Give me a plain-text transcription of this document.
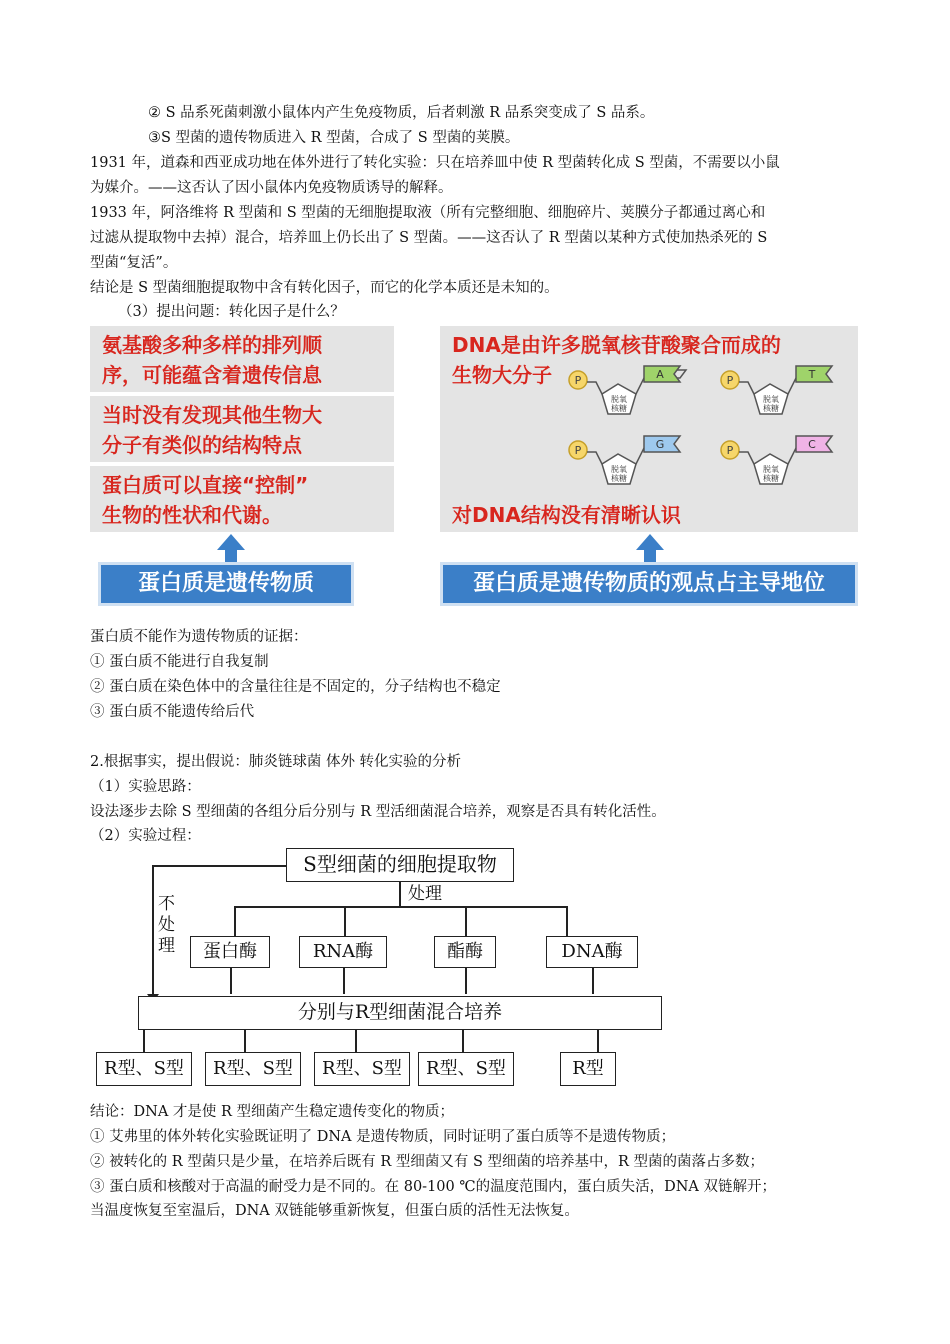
② S 品系死菌刺激小鼠体内产生免疫物质，后者刺激 R 品系突变成了 S 品系。
③S 型菌的遗传物质进入 R 型菌，合成了 S 型菌的荚膜。
1931 年，道森和西亚成功地在体外进行了转化实验：只在培养皿中使 R 型菌转化成 S 型菌，不需要以小鼠
为媒介。——这否认了因小鼠体内免疫物质诱导的解释。
1933 年，阿洛维将 R 型菌和 S 型菌的无细胞提取液（所有完整细胞、细胞碎片、荚膜分子都通过离心和
过滤从提取物中去掉）混合，培养皿上仍长出了 S 型菌。——这否认了 R 型菌以某种方式使加热杀死的 S
型菌“复活”。
结论是 S 型菌细胞提取物中含有转化因子，而它的化学本质还是未知的。
（3）提出问题：转化因子是什么？
氨基酸多种多样的排列顺
序，可能蕴含着遗传信息
当时没有发现其他生物大
分子有类似的结构特点
蛋白质可以直接“控制”
生物的性状和代谢。
蛋白质是遗传物质
DNA是由许多脱氧核苷酸聚合而成的
生物大分子	P
脱氧
核糖
A	P
脱氧
核糖
T
P
脱氧
核糖
G	P
脱氧
核糖
C
对DNA结构没有清晰认识
蛋白质是遗传物质的观点占主导地位
蛋白质不能作为遗传物质的证据：
① 蛋白质不能进行自我复制
② 蛋白质在染色体中的含量往往是不固定的，分子结构也不稳定
③ 蛋白质不能遗传给后代
2.根据事实，提出假说：肺炎链球菌 体外 转化实验的分析
（1）实验思路：
设法逐步去除 S 型细菌的各组分后分别与 R 型活细菌混合培养，观察是否具有转化活性。
（2）实验过程：
S型细菌的细胞提取物
处理
不
处
理	蛋白酶	RNA酶	酯酶	DNA酶
分别与R型细菌混合培养
R型、S型	R型、S型	R型、S型	R型、S型	R型
结论：DNA 才是使 R 型细菌产生稳定遗传变化的物质；
① 艾弗里的体外转化实验既证明了 DNA 是遗传物质，同时证明了蛋白质等不是遗传物质；
② 被转化的 R 型菌只是少量，在培养后既有 R 型细菌又有 S 型细菌的培养基中，R 型菌的菌落占多数；
③ 蛋白质和核酸对于高温的耐受力是不同的。在 80-100 ℃的温度范围内，蛋白质失活，DNA 双链解开；
当温度恢复至室温后，DNA 双链能够重新恢复，但蛋白质的活性无法恢复。
